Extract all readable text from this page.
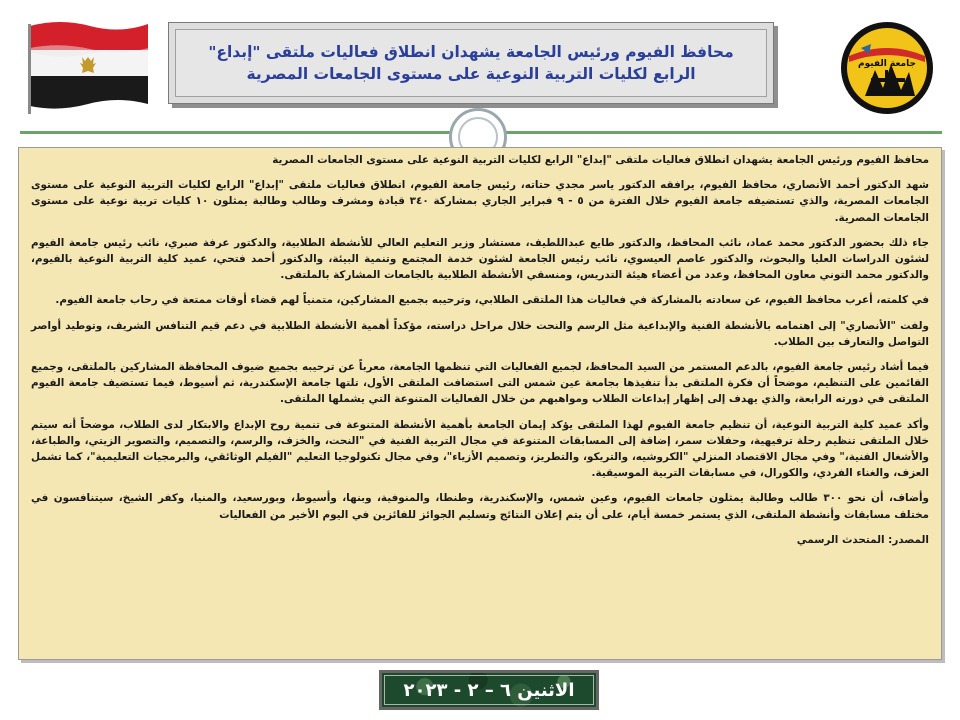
جامعة الفيوم
محافظ الفيوم ورئيس الجامعة يشهدان انطلاق فعاليات ملتقى "إبداع" الرابع لكليات التربية النوعية على مستوى الجامعات المصرية

محافظ الفيوم ورئيس الجامعة يشهدان انطلاق فعاليات ملتقى "إبداع" الرابع لكليات التربية النوعية على مستوى الجامعات المصرية

شهد الدكتور أحمد الأنصاري، محافظ الفيوم، يرافقه الدكتور ياسر مجدي حتاته، رئيس جامعة الفيوم، انطلاق فعاليات ملتقى "إبداع" الرابع لكليات التربية النوعية على مستوى الجامعات المصرية، والذي تستضيفه جامعة الفيوم خلال الفترة من ٥ - ٩ فبراير الجاري بمشاركة ٣٤٠ قيادة ومشرف وطالب وطالبة يمثلون ١٠ كليات تربية نوعية على مستوى الجامعات المصرية.

جاء ذلك بحضور الدكتور محمد عماد، نائب المحافظ، والدكتور طايع عبداللطيف، مستشار وزير التعليم العالي للأنشطة الطلابية، والدكتور عرفة صبري، نائب رئيس جامعة الفيوم لشئون الدراسات العليا والبحوث، والدكتور عاصم العيسوي، نائب رئيس الجامعة لشئون خدمة المجتمع وتنمية البيئة، والدكتور أحمد فتحي، عميد كلية التربية النوعية بالفيوم، والدكتور محمد التوني معاون المحافظ، وعدد من أعضاء هيئة التدريس، ومنسقي الأنشطة الطلابية بالجامعات المشاركة بالملتقى.

في كلمته، أعرب محافظ الفيوم، عن سعادته بالمشاركة في فعاليات هذا الملتقى الطلابي، وترحيبه بجميع المشاركين، متمنياً لهم قضاء أوقات ممتعة في رحاب جامعة الفيوم.

ولفت "الأنصاري" إلى اهتمامه بالأنشطة الفنية والإبداعية مثل الرسم والنحت خلال مراحل دراسته، مؤكداً أهمية الأنشطة الطلابية في دعم قيم التنافس الشريف، وتوطيد أواصر التواصل والتعارف بين الطلاب.

فيما أشاد رئيس جامعة الفيوم، بالدعم المستمر من السيد المحافظ، لجميع الفعاليات التي تنظمها الجامعة، معرباً عن ترحيبه بجميع ضيوف المحافظة المشاركين بالملتقى، وجميع القائمين على التنظيم، موضحاً أن فكرة الملتقى بدأ تنفيذها بجامعة عين شمس التى استضافت الملتقى الأول، تلتها جامعة الإسكندرية، ثم أسيوط، فيما تستضيف جامعة الفيوم الملتقى في دورته الرابعة، والذي يهدف إلى إظهار إبداعات الطلاب ومواهبهم من خلال الفعاليات المتنوعة التي يشملها الملتقى.

وأكد عميد كلية التربية النوعية، أن تنظيم جامعة الفيوم لهذا الملتقى يؤكد إيمان الجامعة بأهمية الأنشطة المتنوعة فى تنمية روح الإبداع والابتكار لدى الطلاب، موضحاً أنه سيتم خلال الملتقى تنظيم رحلة ترفيهية، وحفلات سمر، إضافة إلى المسابقات المتنوعة في مجال التربية الفنية في "النحت، والخزف، والرسم، والتصميم، والتصوير الزيتي، والطباعة، والأشغال الفنية،" وفي مجال الاقتصاد المنزلي "الكروشيه، والتريكو، والتطريز، وتصميم الأزياء"، وفي مجال تكنولوجيا التعليم "الفيلم الوثائقي، والبرمجيات التعليمية"، كما تشمل العزف، والغناء الفردي، والكورال، في مسابقات التربية الموسيقية.

وأضاف، أن نحو ٣٠٠ طالب وطالبة يمثلون جامعات الفيوم، وعين شمس، والإسكندرية، وطنطا، والمنوفية، وبنها، وأسيوط، وبورسعيد، والمنيا، وكفر الشيخ، سيتنافسون في مختلف مسابقات وأنشطة الملتقى، الذي يستمر خمسة أيام، على أن يتم إعلان النتائج وتسليم الجوائز للفائزين في اليوم الأخير من الفعاليات

المصدر: المتحدث الرسمي

الاثنين ٦ – ٢ - ٢٠٢٣
